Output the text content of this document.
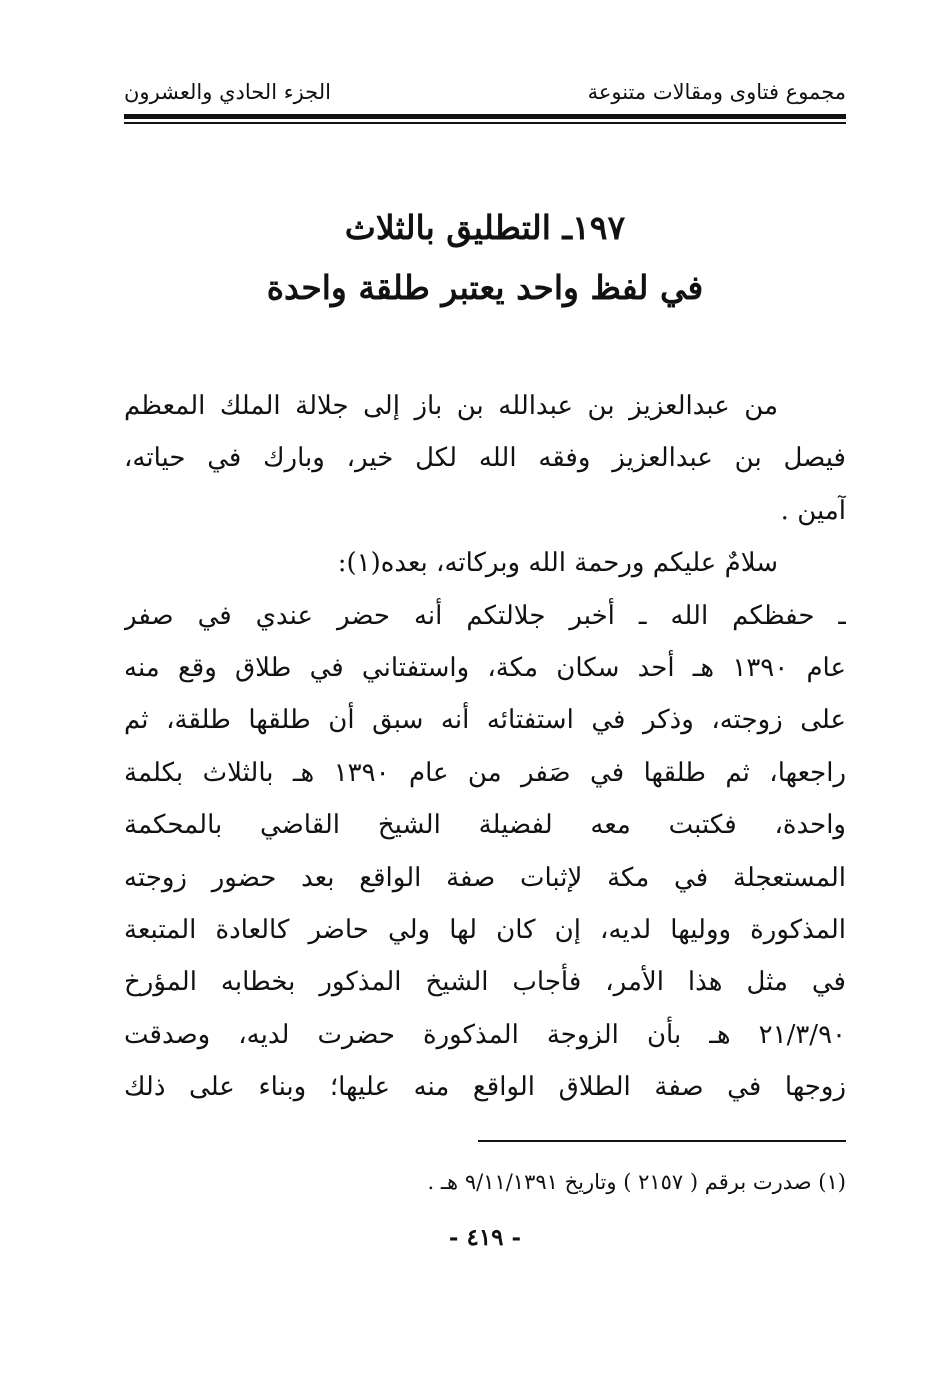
مجموع فتاوى ومقالات متنوعة
الجزء الحادي والعشرون
١٩٧ـ التطليق بالثلاث
في لفظ واحد يعتبر طلقة واحدة
من عبدالعزيز بن عبدالله بن باز إلى جلالة الملك المعظم
فيصل بن عبدالعزيز وفقه الله لكل خير، وبارك في حياته،
آمين .
سلامٌ عليكم ورحمة الله وبركاته، بعده(١):
ـ حفظكم الله ـ أخبر جلالتكم أنه حضر عندي في صفر
عام ١٣٩٠ هـ أحد سكان مكة، واستفتاني في طلاق وقع منه
على زوجته، وذكر في استفتائه أنه سبق أن طلقها طلقة، ثم
راجعها، ثم طلقها في صَفر من عام ١٣٩٠ هـ بالثلاث بكلمة
واحدة، فكتبت معه لفضيلة الشيخ القاضي بالمحكمة
المستعجلة في مكة لإثبات صفة الواقع بعد حضور زوجته
المذكورة ووليها لديه، إن كان لها ولي حاضر كالعادة المتبعة
في مثل هذا الأمر، فأجاب الشيخ المذكور بخطابه المؤرخ
٢١/٣/٩٠ هـ بأن الزوجة المذكورة حضرت لديه، وصدقت
زوجها في صفة الطلاق الواقع منه عليها؛ وبناء على ذلك
(١) صدرت برقم ( ٢١٥٧ ) وتاريخ ٩/١١/١٣٩١ هـ .
- ٤١٩ -
